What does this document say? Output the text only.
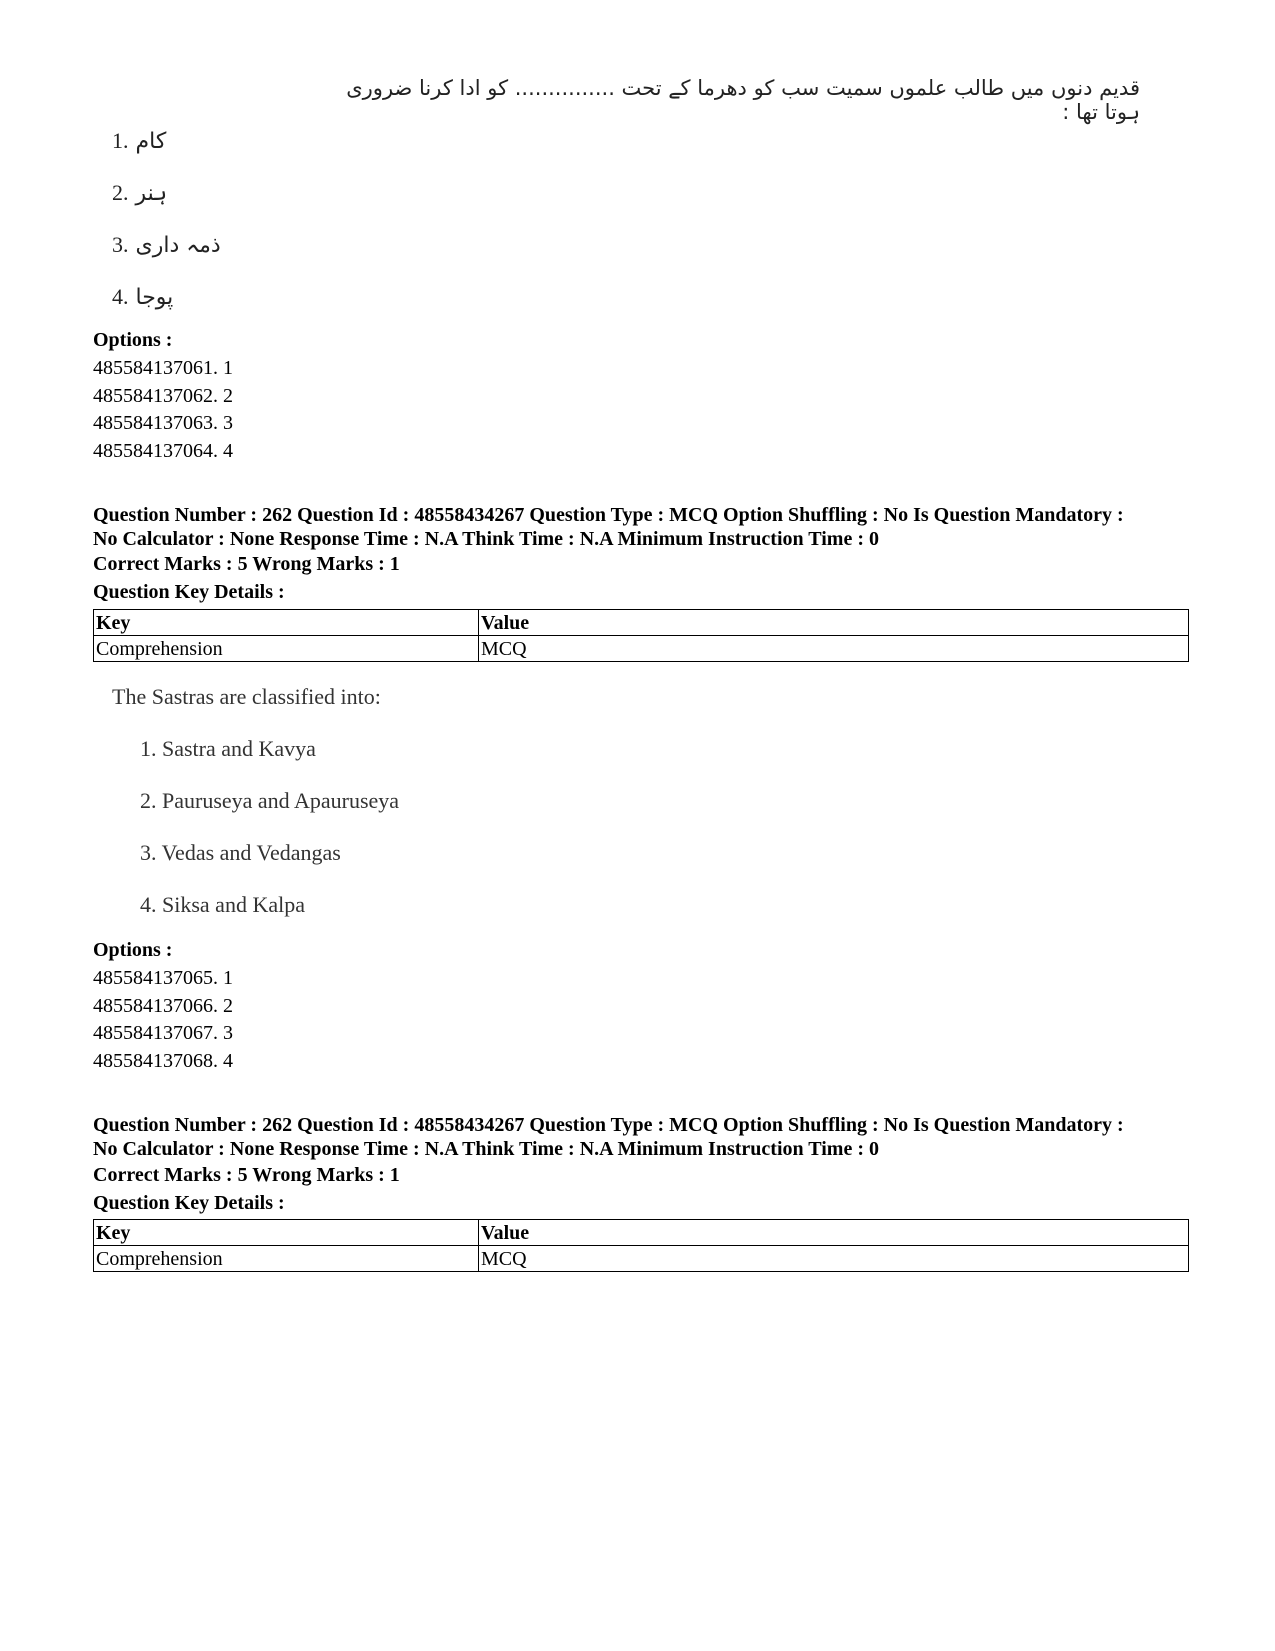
قدیم دنوں میں طالب علموں سمیت سب کو دھرما کے تحت ............... کو ادا کرنا ضروری ہوتا تھا :
1. کام
2. ہنر
3. ذمہ داری
4. پوجا
Options :
485584137061. 1
485584137062. 2
485584137063. 3
485584137064. 4
Question Number : 262 Question Id : 48558434267 Question Type : MCQ Option Shuffling : No Is Question Mandatory :
No Calculator : None Response Time : N.A Think Time : N.A Minimum Instruction Time : 0
Correct Marks : 5 Wrong Marks : 1
Question Key Details :
Key	Value
Comprehension	MCQ
The Sastras are classified into:
1. Sastra and Kavya
2. Pauruseya and Apauruseya
3. Vedas and Vedangas
4. Siksa and Kalpa
Options :
485584137065. 1
485584137066. 2
485584137067. 3
485584137068. 4
Question Number : 262 Question Id : 48558434267 Question Type : MCQ Option Shuffling : No Is Question Mandatory :
No Calculator : None Response Time : N.A Think Time : N.A Minimum Instruction Time : 0
Correct Marks : 5 Wrong Marks : 1
Question Key Details :
Key	Value
Comprehension	MCQ
